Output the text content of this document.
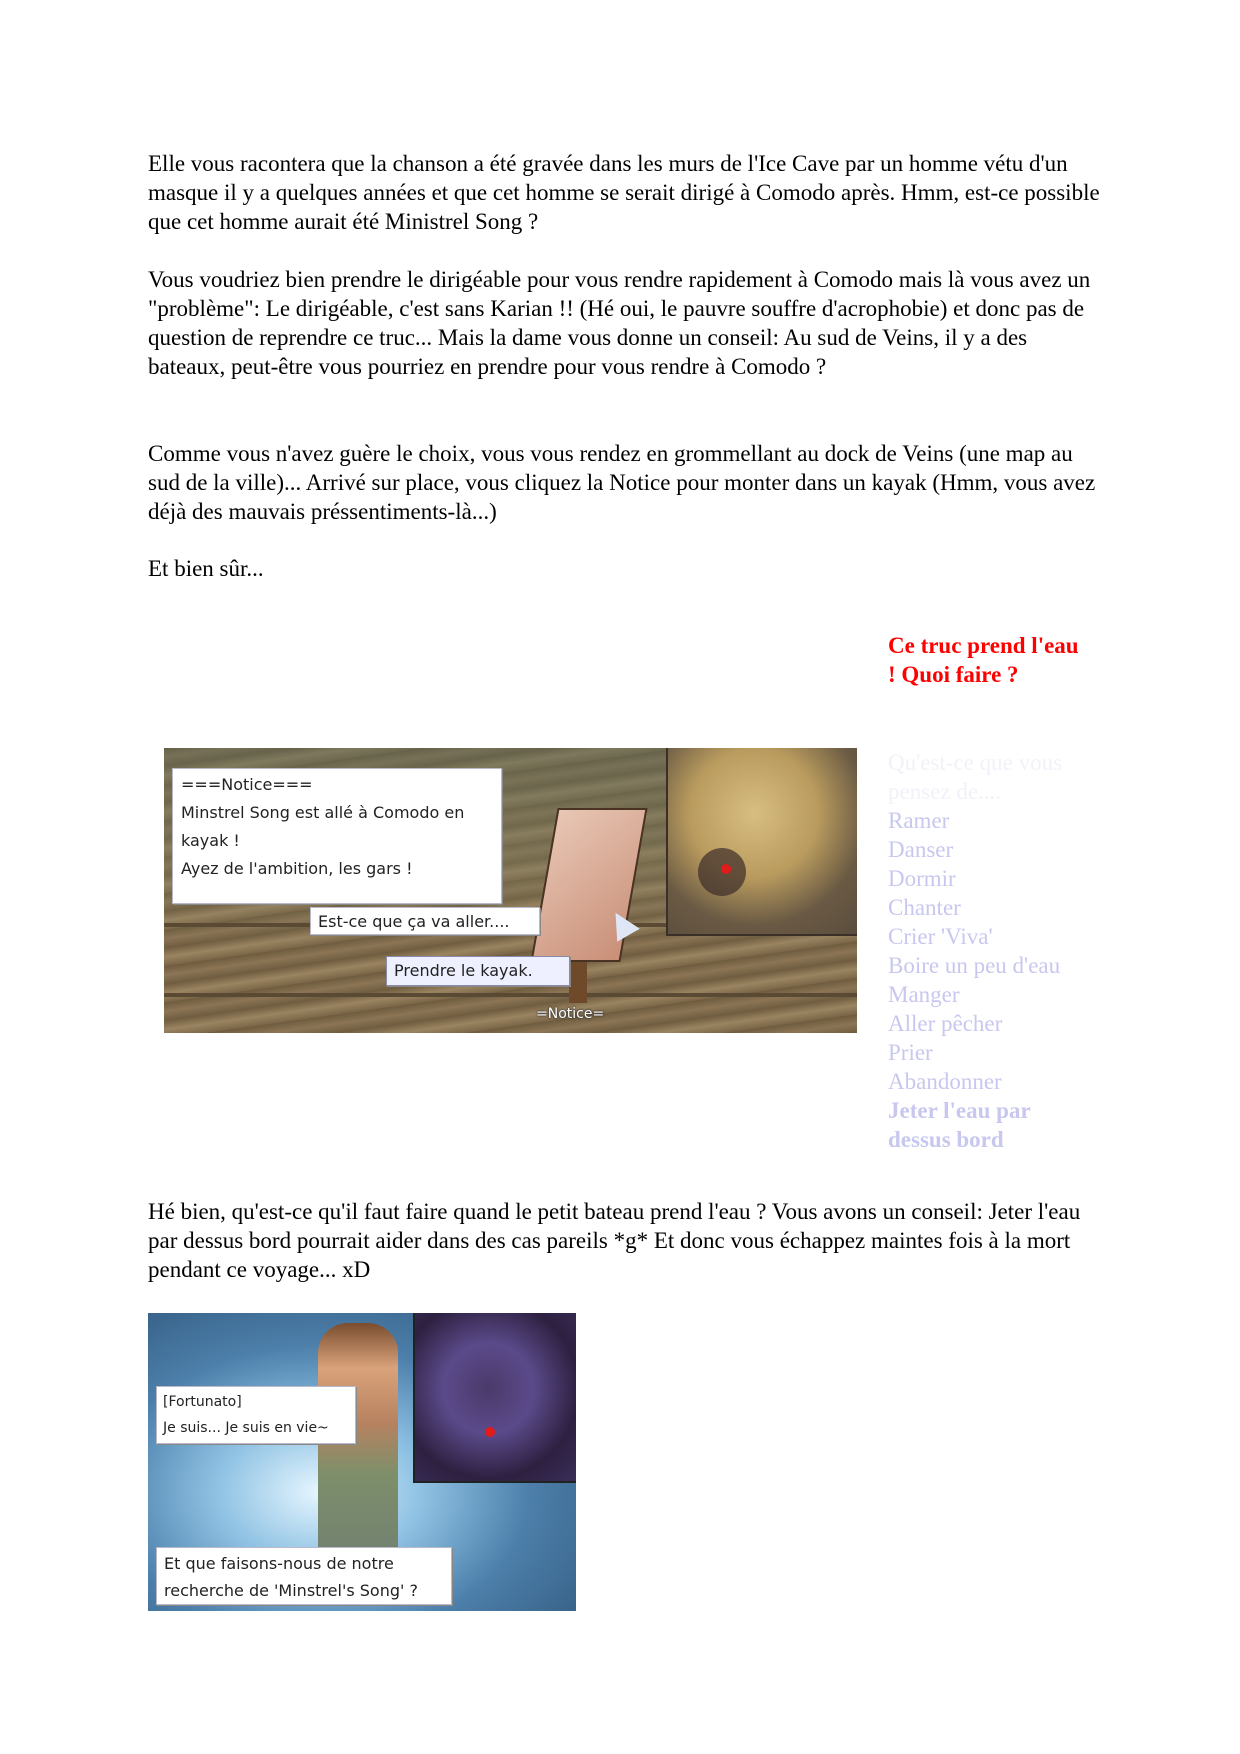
Elle vous racontera que la chanson a été gravée dans les murs de l'Ice Cave par un homme vétu d'un masque il y a quelques années et que cet homme se serait dirigé à Comodo après. Hmm, est-ce possible que cet homme aurait été Ministrel Song ?

Vous voudriez bien prendre le dirigéable pour vous rendre rapidement à Comodo mais là vous avez un "problème": Le dirigéable, c'est sans Karian !! (Hé oui, le pauvre souffre d'acrophobie) et donc pas de question de reprendre ce truc... Mais la dame vous donne un conseil: Au sud de Veins, il y a des bateaux, peut-être vous pourriez en prendre pour vous rendre à Comodo ?

Comme vous n'avez guère le choix, vous vous rendez en grommellant au dock de Veins (une map au sud de la ville)... Arrivé sur place, vous cliquez la Notice pour monter dans un kayak (Hmm, vous avez déjà des mauvais préssentiments-là...)

Et bien sûr...

Ce truc prend l'eau ! Quoi faire ?
Qu'est-ce que vous pensez de....
Ramer
Danser
Dormir
Chanter
Crier 'Viva'
Boire un peu d'eau
Manger
Aller pêcher
Prier
Abandonner
Jeter l'eau par dessus bord
===Notice===
Minstrel Song est allé à Comodo en
kayak !
Ayez de l'ambition, les gars !
Est-ce que ça va aller....
Prendre le kayak.
=Notice=

Hé bien, qu'est-ce qu'il faut faire quand le petit bateau prend l'eau ? Vous avons un conseil: Jeter l'eau par dessus bord pourrait aider dans des cas pareils *g* Et donc vous échappez maintes fois à la mort pendant ce voyage... xD

[Fortunato]
Je suis... Je suis en vie~
Et que faisons-nous de notre
recherche de 'Minstrel's Song' ?
